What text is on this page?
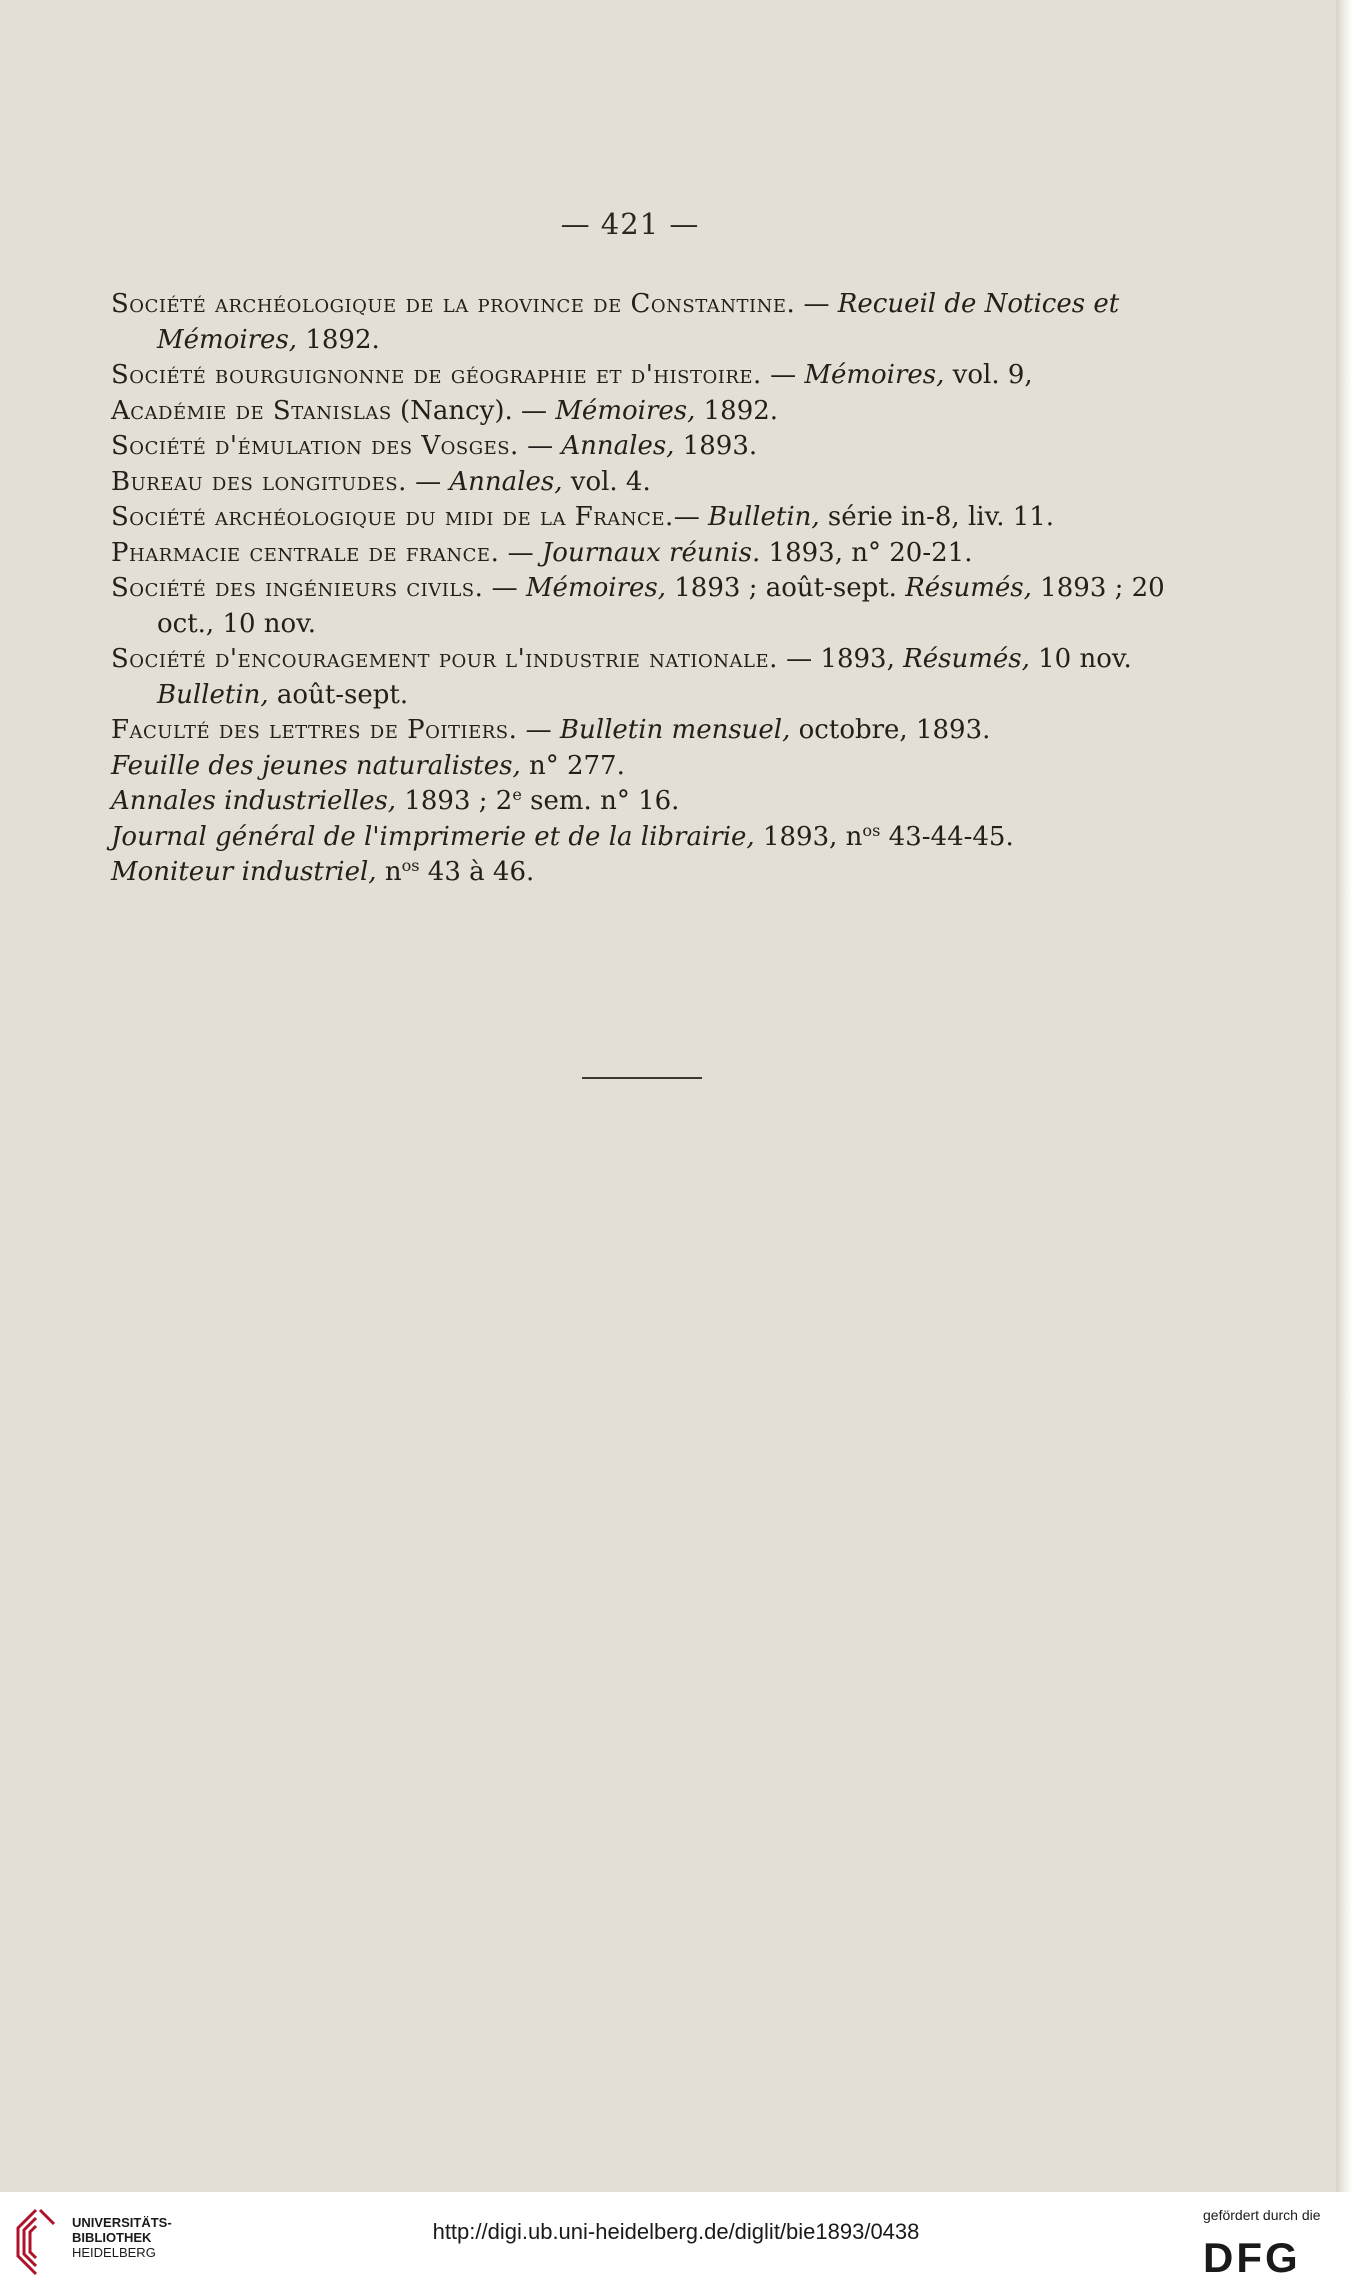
— 421 —
Société archéologique de la province de Constantine. — Recueil de Notices et Mémoires, 1892.
Société bourguignonne de géographie et d'histoire. — Mémoires, vol. 9,
Académie de Stanislas (Nancy). — Mémoires, 1892.
Société d'émulation des Vosges. — Annales, 1893.
Bureau des longitudes. — Annales, vol. 4.
Société archéologique du midi de la France.— Bulletin, série in-8, liv. 11.
Pharmacie centrale de france. — Journaux réunis. 1893, n° 20-21.
Société des ingénieurs civils. — Mémoires, 1893 ; août-sept. Résumés, 1893 ; 20 oct., 10 nov.
Société d'encouragement pour l'industrie nationale. — 1893, Résumés, 10 nov. Bulletin, août-sept.
Faculté des lettres de Poitiers. — Bulletin mensuel, octobre, 1893.
Feuille des jeunes naturalistes, n° 277.
Annales industrielles, 1893 ; 2e sem. n° 16.
Journal général de l'imprimerie et de la librairie, 1893, $n^{os}$ 43-44-45.
Moniteur industriel, $n^{os}$ 43 à 46.
UNIVERSITÄTS-
BIBLIOTHEK
HEIDELBERG
http://digi.ub.uni-heidelberg.de/diglit/bie1893/0438
gefördert durch die
DFG
